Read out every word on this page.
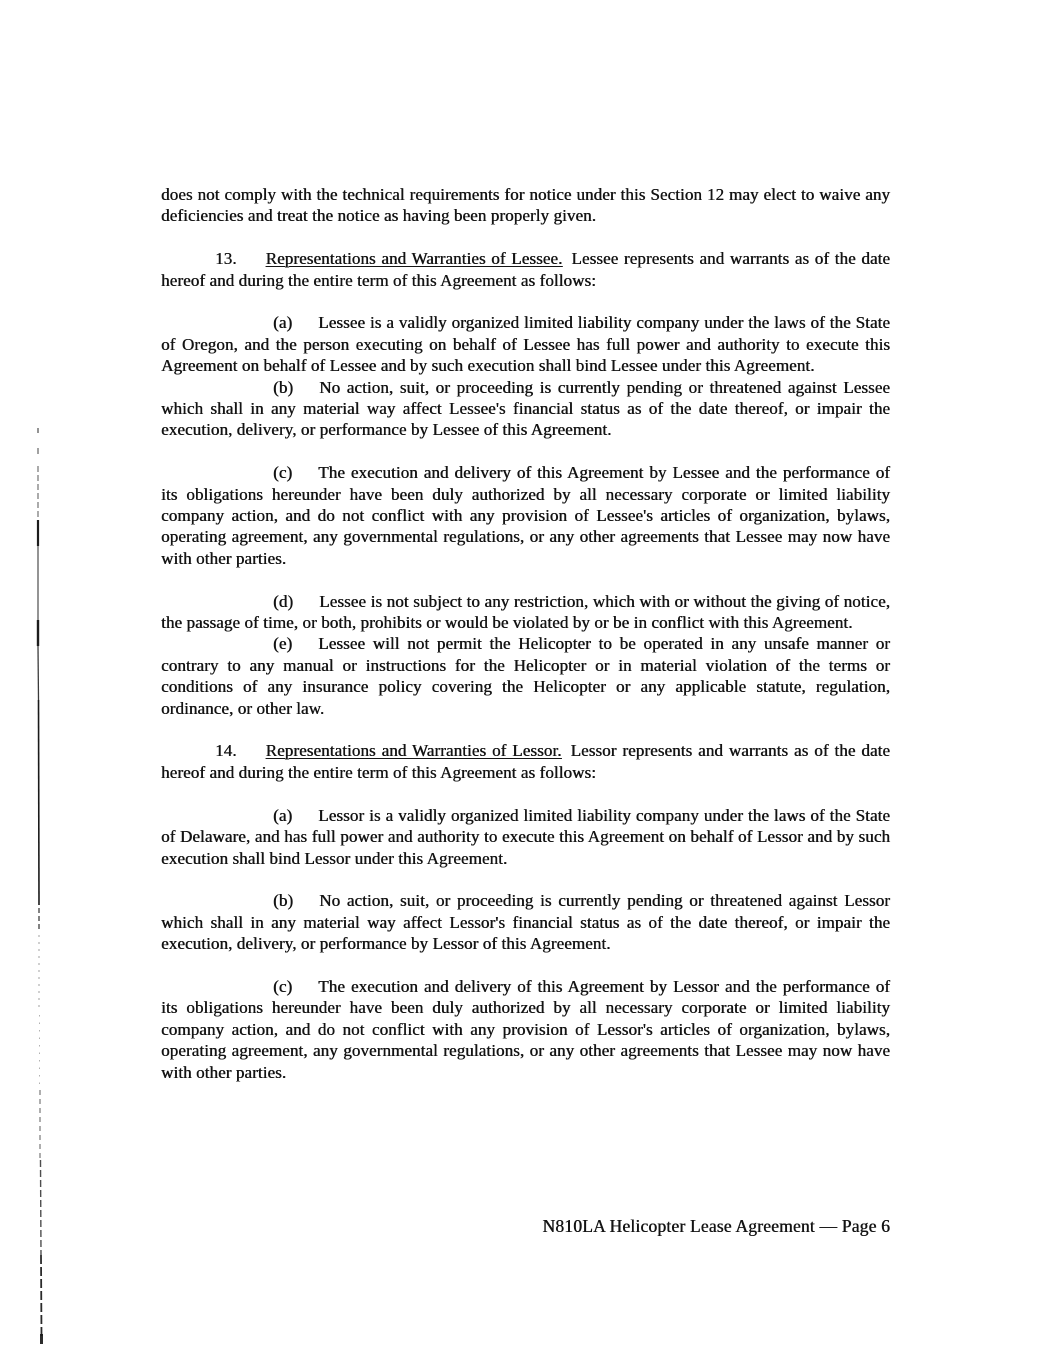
does not comply with the technical requirements for notice under this Section 12 may elect to waive any deficiencies and treat the notice as having been properly given.

13. Representations and Warranties of Lessee. Lessee represents and warrants as of the date hereof and during the entire term of this Agreement as follows:

(a) Lessee is a validly organized limited liability company under the laws of the State of Oregon, and the person executing on behalf of Lessee has full power and authority to execute this Agreement on behalf of Lessee and by such execution shall bind Lessee under this Agreement.

(b) No action, suit, or proceeding is currently pending or threatened against Lessee which shall in any material way affect Lessee's financial status as of the date thereof, or impair the execution, delivery, or performance by Lessee of this Agreement.

(c) The execution and delivery of this Agreement by Lessee and the performance of its obligations hereunder have been duly authorized by all necessary corporate or limited liability company action, and do not conflict with any provision of Lessee's articles of organization, bylaws, operating agreement, any governmental regulations, or any other agreements that Lessee may now have with other parties.

(d) Lessee is not subject to any restriction, which with or without the giving of notice, the passage of time, or both, prohibits or would be violated by or be in conflict with this Agreement.

(e) Lessee will not permit the Helicopter to be operated in any unsafe manner or contrary to any manual or instructions for the Helicopter or in material violation of the terms or conditions of any insurance policy covering the Helicopter or any applicable statute, regulation, ordinance, or other law.

14. Representations and Warranties of Lessor. Lessor represents and warrants as of the date hereof and during the entire term of this Agreement as follows:

(a) Lessor is a validly organized limited liability company under the laws of the State of Delaware, and has full power and authority to execute this Agreement on behalf of Lessor and by such execution shall bind Lessor under this Agreement.

(b) No action, suit, or proceeding is currently pending or threatened against Lessor which shall in any material way affect Lessor's financial status as of the date thereof, or impair the execution, delivery, or performance by Lessor of this Agreement.

(c) The execution and delivery of this Agreement by Lessor and the performance of its obligations hereunder have been duly authorized by all necessary corporate or limited liability company action, and do not conflict with any provision of Lessor's articles of organization, bylaws, operating agreement, any governmental regulations, or any other agreements that Lessee may now have with other parties.

N810LA Helicopter Lease Agreement — Page 6
